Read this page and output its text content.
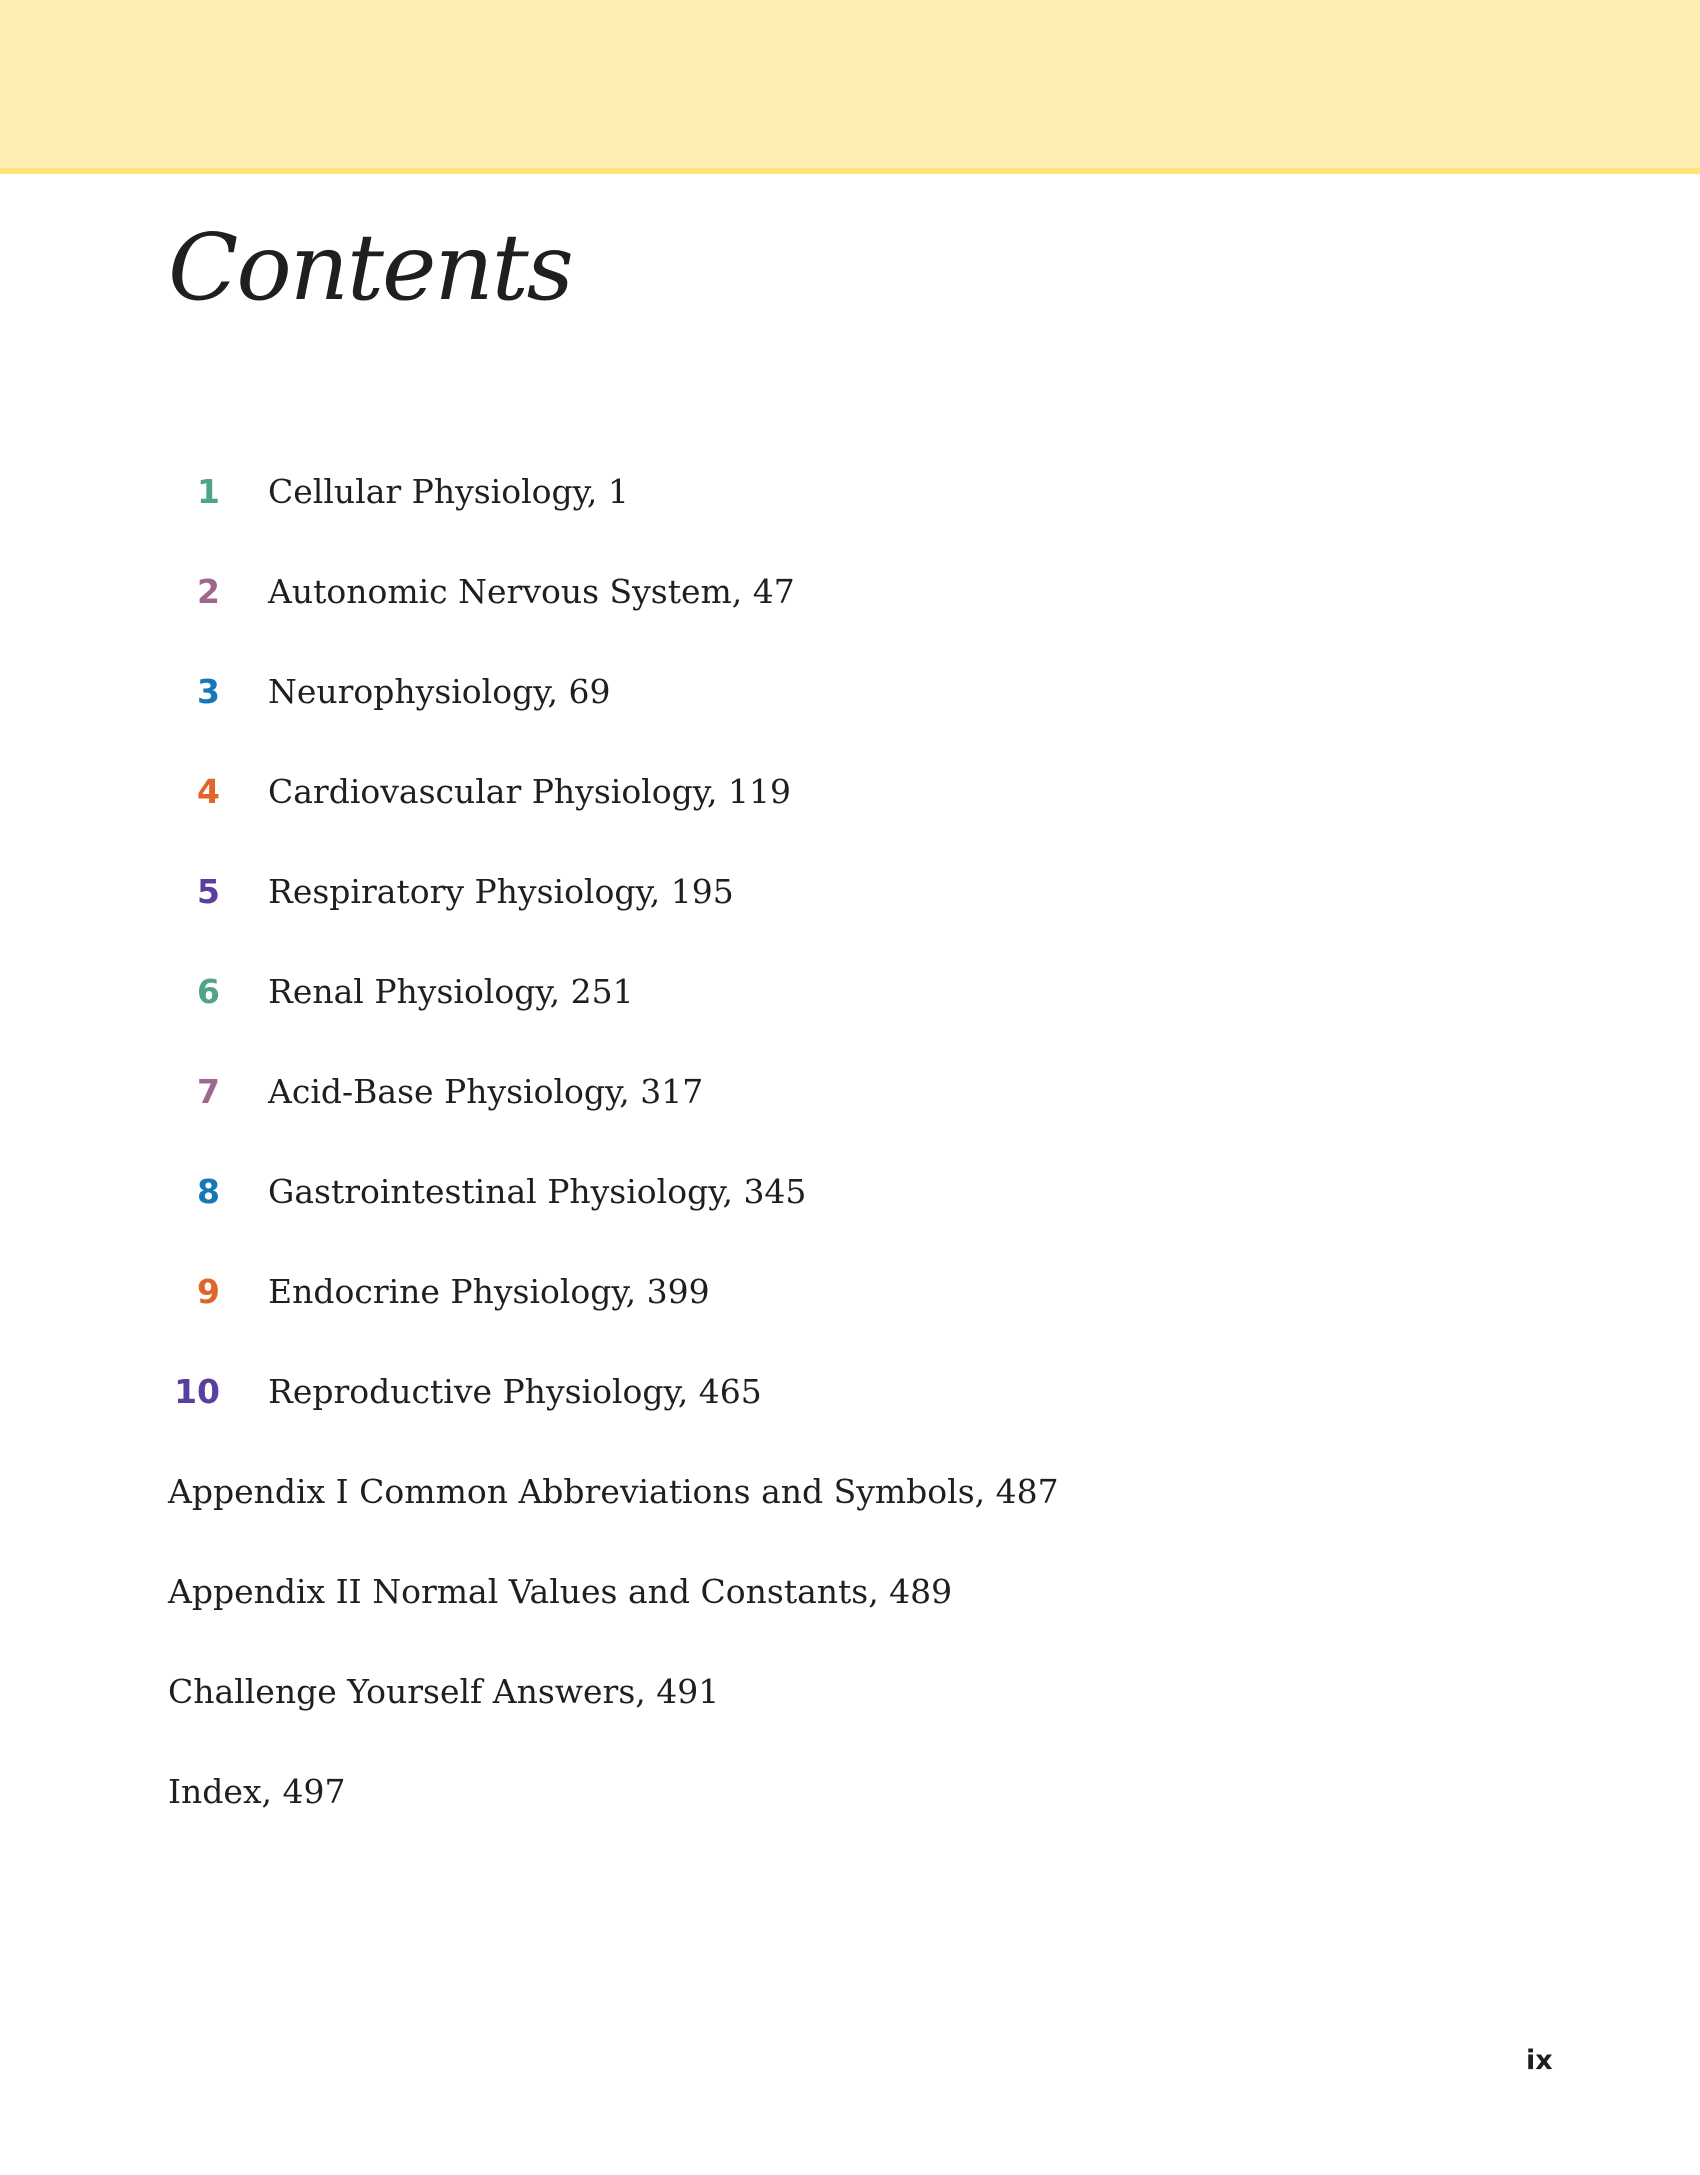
Contents
1 Cellular Physiology, 1
2 Autonomic Nervous System, 47
3 Neurophysiology, 69
4 Cardiovascular Physiology, 119
5 Respiratory Physiology, 195
6 Renal Physiology, 251
7 Acid-Base Physiology, 317
8 Gastrointestinal Physiology, 345
9 Endocrine Physiology, 399
10 Reproductive Physiology, 465
Appendix I Common Abbreviations and Symbols, 487
Appendix II Normal Values and Constants, 489
Challenge Yourself Answers, 491
Index, 497
ix
